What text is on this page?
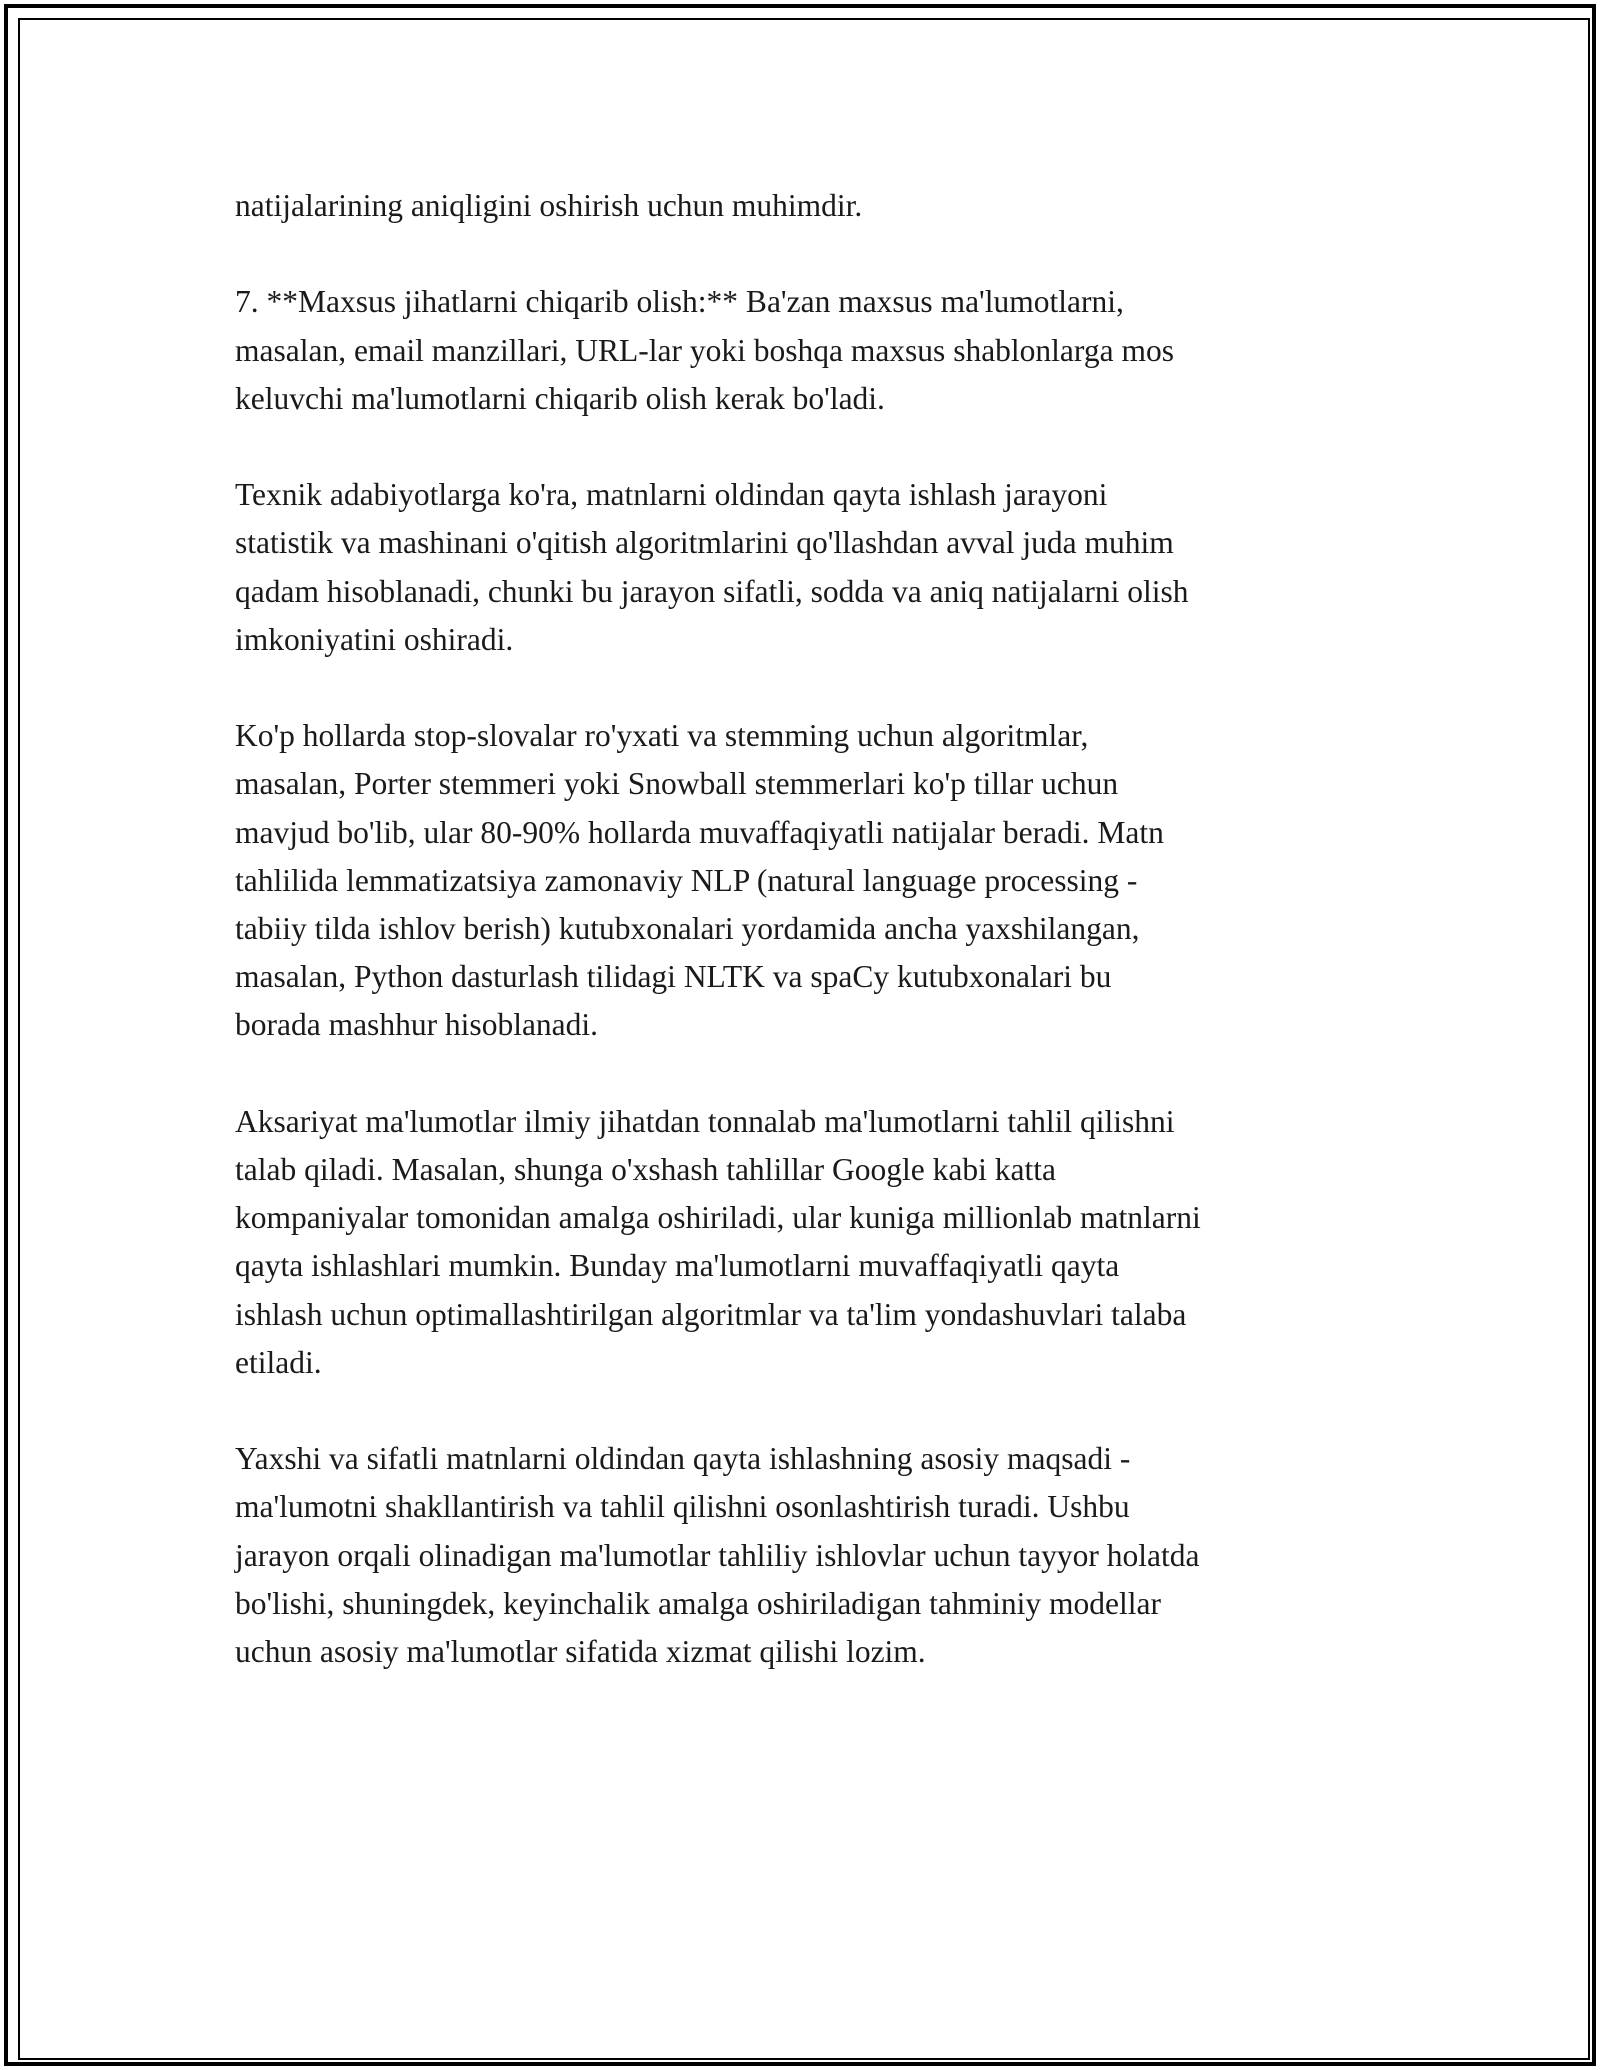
natijalarining aniqligini oshirish uchun muhimdir.

7. **Maxsus jihatlarni chiqarib olish:** Ba'zan maxsus ma'lumotlarni,
masalan, email manzillari, URL-lar yoki boshqa maxsus shablonlarga mos
keluvchi ma'lumotlarni chiqarib olish kerak bo'ladi.

Texnik adabiyotlarga ko'ra, matnlarni oldindan qayta ishlash jarayoni
statistik va mashinani o'qitish algoritmlarini qo'llashdan avval juda muhim
qadam hisoblanadi, chunki bu jarayon sifatli, sodda va aniq natijalarni olish
imkoniyatini oshiradi.

Ko'p hollarda stop-slovalar ro'yxati va stemming uchun algoritmlar,
masalan, Porter stemmeri yoki Snowball stemmerlari ko'p tillar uchun
mavjud bo'lib, ular 80-90% hollarda muvaffaqiyatli natijalar beradi. Matn
tahlilida lemmatizatsiya zamonaviy NLP (natural language processing -
tabiiy tilda ishlov berish) kutubxonalari yordamida ancha yaxshilangan,
masalan, Python dasturlash tilidagi NLTK va spaCy kutubxonalari bu
borada mashhur hisoblanadi.

Aksariyat ma'lumotlar ilmiy jihatdan tonnalab ma'lumotlarni tahlil qilishni
talab qiladi. Masalan, shunga o'xshash tahlillar Google kabi katta
kompaniyalar tomonidan amalga oshiriladi, ular kuniga millionlab matnlarni
qayta ishlashlari mumkin. Bunday ma'lumotlarni muvaffaqiyatli qayta
ishlash uchun optimallashtirilgan algoritmlar va ta'lim yondashuvlari talaba
etiladi.

Yaxshi va sifatli matnlarni oldindan qayta ishlashning asosiy maqsadi -
ma'lumotni shakllantirish va tahlil qilishni osonlashtirish turadi. Ushbu
jarayon orqali olinadigan ma'lumotlar tahliliy ishlovlar uchun tayyor holatda
bo'lishi, shuningdek, keyinchalik amalga oshiriladigan tahminiy modellar
uchun asosiy ma'lumotlar sifatida xizmat qilishi lozim.
